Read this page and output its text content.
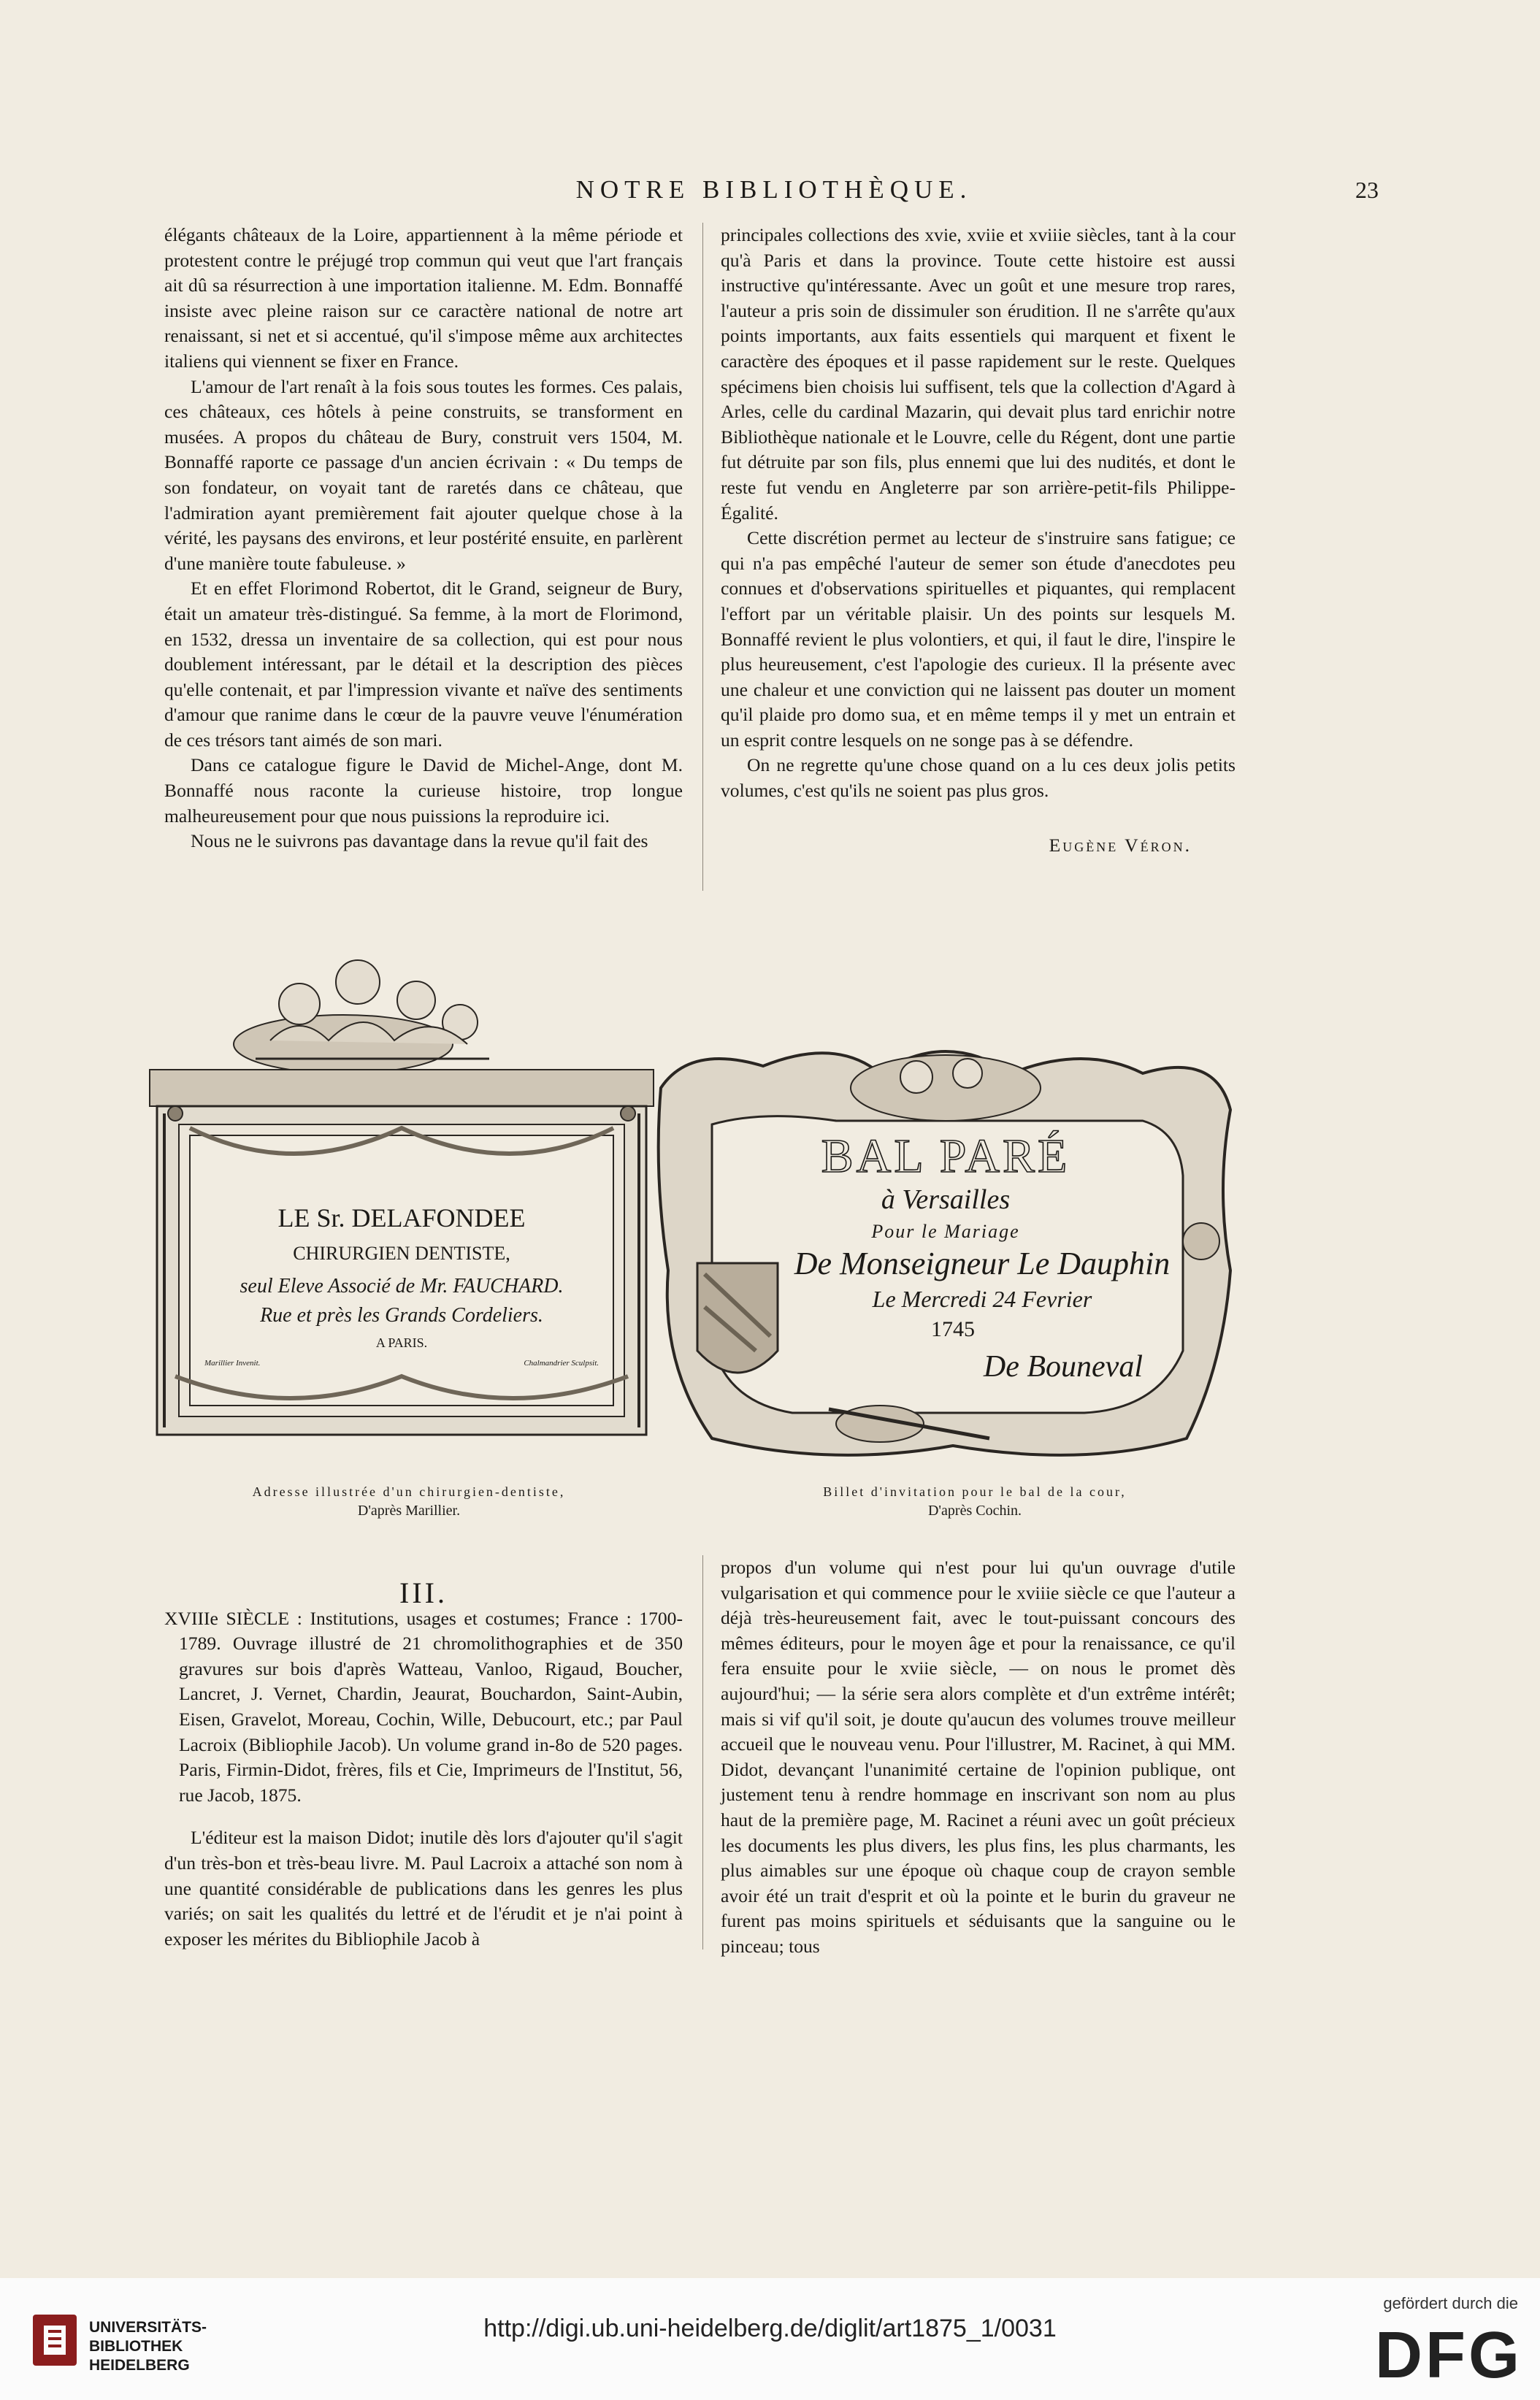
NOTRE BIBLIOTHÈQUE.	23

élégants châteaux de la Loire, appartiennent à la même période et protestent contre le préjugé trop commun qui veut que l'art français ait dû sa résurrection à une importation italienne. M. Edm. Bonnaffé insiste avec pleine raison sur ce caractère national de notre art renaissant, si net et si accentué, qu'il s'impose même aux architectes italiens qui viennent se fixer en France.

L'amour de l'art renaît à la fois sous toutes les formes. Ces palais, ces châteaux, ces hôtels à peine construits, se transforment en musées. A propos du château de Bury, construit vers 1504, M. Bonnaffé raporte ce passage d'un ancien écrivain : « Du temps de son fondateur, on voyait tant de raretés dans ce château, que l'admiration ayant premièrement fait ajouter quelque chose à la vérité, les paysans des environs, et leur postérité ensuite, en parlèrent d'une manière toute fabuleuse. »

Et en effet Florimond Robertot, dit le Grand, seigneur de Bury, était un amateur très-distingué. Sa femme, à la mort de Florimond, en 1532, dressa un inventaire de sa collection, qui est pour nous doublement intéressant, par le détail et la description des pièces qu'elle contenait, et par l'impression vivante et naïve des sentiments d'amour que ranime dans le cœur de la pauvre veuve l'énumération de ces trésors tant aimés de son mari.

Dans ce catalogue figure le David de Michel-Ange, dont M. Bonnaffé nous raconte la curieuse histoire, trop longue malheureusement pour que nous puissions la reproduire ici.

Nous ne le suivrons pas davantage dans la revue qu'il fait des

principales collections des xvie, xviie et xviiie siècles, tant à la cour qu'à Paris et dans la province. Toute cette histoire est aussi instructive qu'intéressante. Avec un goût et une mesure trop rares, l'auteur a pris soin de dissimuler son érudition. Il ne s'arrête qu'aux points importants, aux faits essentiels qui marquent et fixent le caractère des époques et il passe rapidement sur le reste. Quelques spécimens bien choisis lui suffisent, tels que la collection d'Agard à Arles, celle du cardinal Mazarin, qui devait plus tard enrichir notre Bibliothèque nationale et le Louvre, celle du Régent, dont une partie fut détruite par son fils, plus ennemi que lui des nudités, et dont le reste fut vendu en Angleterre par son arrière-petit-fils Philippe-Égalité.

Cette discrétion permet au lecteur de s'instruire sans fatigue; ce qui n'a pas empêché l'auteur de semer son étude d'anecdotes peu connues et d'observations spirituelles et piquantes, qui remplacent l'effort par un véritable plaisir. Un des points sur lesquels M. Bonnaffé revient le plus volontiers, et qui, il faut le dire, l'inspire le plus heureusement, c'est l'apologie des curieux. Il la présente avec une chaleur et une conviction qui ne laissent pas douter un moment qu'il plaide pro domo sua, et en même temps il y met un entrain et un esprit contre lesquels on ne songe pas à se défendre.

On ne regrette qu'une chose quand on a lu ces deux jolis petits volumes, c'est qu'ils ne soient pas plus gros.

Eugène Véron.
LE Sr. DELAFONDEE
CHIRURGIEN DENTISTE,
seul Eleve Associé de Mr. FAUCHARD.
Rue et près les Grands Cordeliers.
A PARIS.
Marillier Invenit.	Chalmandrier Sculpsit.
Adresse illustrée d'un chirurgien-dentiste,
D'après Marillier.
BAL PARÉ
à Versailles
Pour le Mariage
De Monseigneur Le Dauphin
Le Mercredi 24 Fevrier
1745
De Bouneval
Billet d'invitation pour le bal de la cour,
D'après Cochin.

III.

XVIIIe SIÈCLE : Institutions, usages et costumes; France : 1700-1789. Ouvrage illustré de 21 chromolithographies et de 350 gravures sur bois d'après Watteau, Vanloo, Rigaud, Boucher, Lancret, J. Vernet, Chardin, Jeaurat, Bouchardon, Saint-Aubin, Eisen, Gravelot, Moreau, Cochin, Wille, Debucourt, etc.; par Paul Lacroix (Bibliophile Jacob). Un volume grand in-8o de 520 pages. Paris, Firmin-Didot, frères, fils et Cie, Imprimeurs de l'Institut, 56, rue Jacob, 1875.

L'éditeur est la maison Didot; inutile dès lors d'ajouter qu'il s'agit d'un très-bon et très-beau livre. M. Paul Lacroix a attaché son nom à une quantité considérable de publications dans les genres les plus variés; on sait les qualités du lettré et de l'érudit et je n'ai point à exposer les mérites du Bibliophile Jacob à

propos d'un volume qui n'est pour lui qu'un ouvrage d'utile vulgarisation et qui commence pour le xviiie siècle ce que l'auteur a déjà très-heureusement fait, avec le tout-puissant concours des mêmes éditeurs, pour le moyen âge et pour la renaissance, ce qu'il fera ensuite pour le xviie siècle, — on nous le promet dès aujourd'hui; — la série sera alors complète et d'un extrême intérêt; mais si vif qu'il soit, je doute qu'aucun des volumes trouve meilleur accueil que le nouveau venu. Pour l'illustrer, M. Racinet, à qui MM. Didot, devançant l'unanimité certaine de l'opinion publique, ont justement tenu à rendre hommage en inscrivant son nom au plus haut de la première page, M. Racinet a réuni avec un goût précieux les documents les plus divers, les plus fins, les plus charmants, les plus aimables sur une époque où chaque coup de crayon semble avoir été un trait d'esprit et où la pointe et le burin du graveur ne furent pas moins spirituels et séduisants que la sanguine ou le pinceau; tous

UNIVERSITÄTS-
BIBLIOTHEK
HEIDELBERG
http://digi.ub.uni-heidelberg.de/diglit/art1875_1/0031
gefördert durch die
DFG
